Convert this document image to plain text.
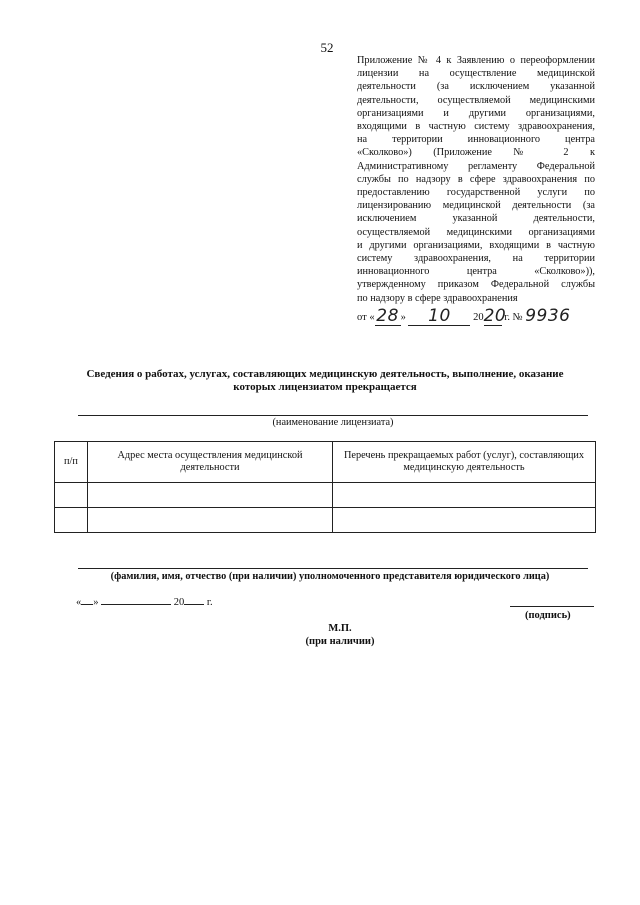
52
Приложение № 4 к Заявлению о переоформлении
лицензии на осуществление медицинской
деятельности (за исключением указанной
деятельности, осуществляемой медицинскими
организациями и другими организациями,
входящими в частную систему здравоохранения,
на территории инновационного центра
«Сколково») (Приложение № 2 к
Административному регламенту Федеральной
службы по надзору в сфере здравоохранения по
предоставлению государственной услуги по
лицензированию медицинской деятельности (за
исключением указанной деятельности,
осуществляемой медицинскими организациями
и другими организациями, входящими в частную
систему здравоохранения, на территории
инновационного центра «Сколково»)),
утвержденному приказом Федеральной службы
по надзору в сфере здравоохранения
от «28 » 10 2020 г. № 9936
Сведения о работах, услугах, составляющих медицинскую деятельность, выполнение, оказание
которых лицензиатом прекращается
(наименование лицензиата)
п/п	Адрес места осуществления медицинской деятельности	Перечень прекращаемых работ (услуг), составляющих медицинскую деятельность

(фамилия, имя, отчество (при наличии) уполномоченного представителя юридического лица)
« »	20 г.
(подпись)
М.П.
(при наличии)
